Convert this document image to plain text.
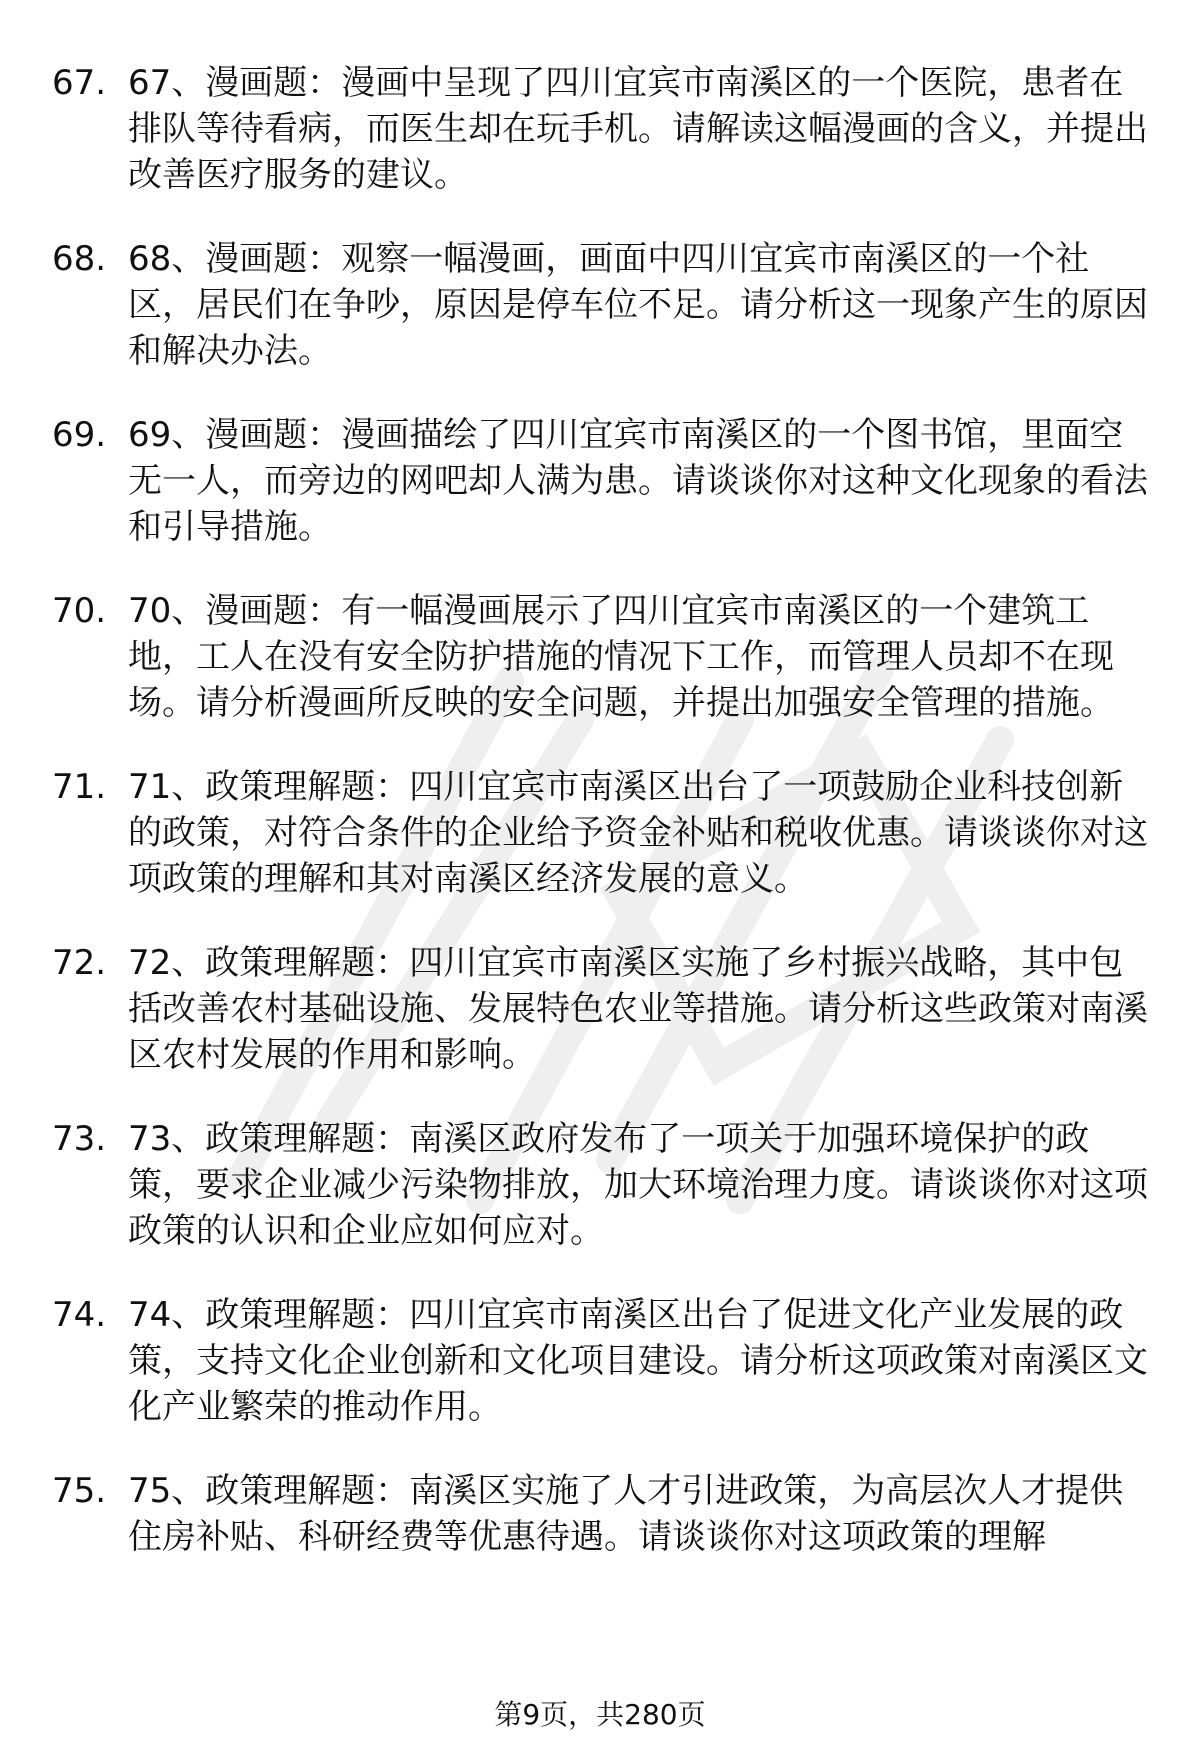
67. 67、漫画题：漫画中呈现了四川宜宾市南溪区的一个医院，患者在排队等待看病，而医生却在玩手机。请解读这幅漫画的含义，并提出改善医疗服务的建议。
68. 68、漫画题：观察一幅漫画，画面中四川宜宾市南溪区的一个社区，居民们在争吵，原因是停车位不足。请分析这一现象产生的原因和解决办法。
69. 69、漫画题：漫画描绘了四川宜宾市南溪区的一个图书馆，里面空无一人，而旁边的网吧却人满为患。请谈谈你对这种文化现象的看法和引导措施。
70. 70、漫画题：有一幅漫画展示了四川宜宾市南溪区的一个建筑工地，工人在没有安全防护措施的情况下工作，而管理人员却不在现场。请分析漫画所反映的安全问题，并提出加强安全管理的措施。
71. 71、政策理解题：四川宜宾市南溪区出台了一项鼓励企业科技创新的政策，对符合条件的企业给予资金补贴和税收优惠。请谈谈你对这项政策的理解和其对南溪区经济发展的意义。
72. 72、政策理解题：四川宜宾市南溪区实施了乡村振兴战略，其中包括改善农村基础设施、发展特色农业等措施。请分析这些政策对南溪区农村发展的作用和影响。
73. 73、政策理解题：南溪区政府发布了一项关于加强环境保护的政策，要求企业减少污染物排放，加大环境治理力度。请谈谈你对这项政策的认识和企业应如何应对。
74. 74、政策理解题：四川宜宾市南溪区出台了促进文化产业发展的政策，支持文化企业创新和文化项目建设。请分析这项政策对南溪区文化产业繁荣的推动作用。
75. 75、政策理解题：南溪区实施了人才引进政策，为高层次人才提供住房补贴、科研经费等优惠待遇。请谈谈你对这项政策的理解
第9页，共280页
